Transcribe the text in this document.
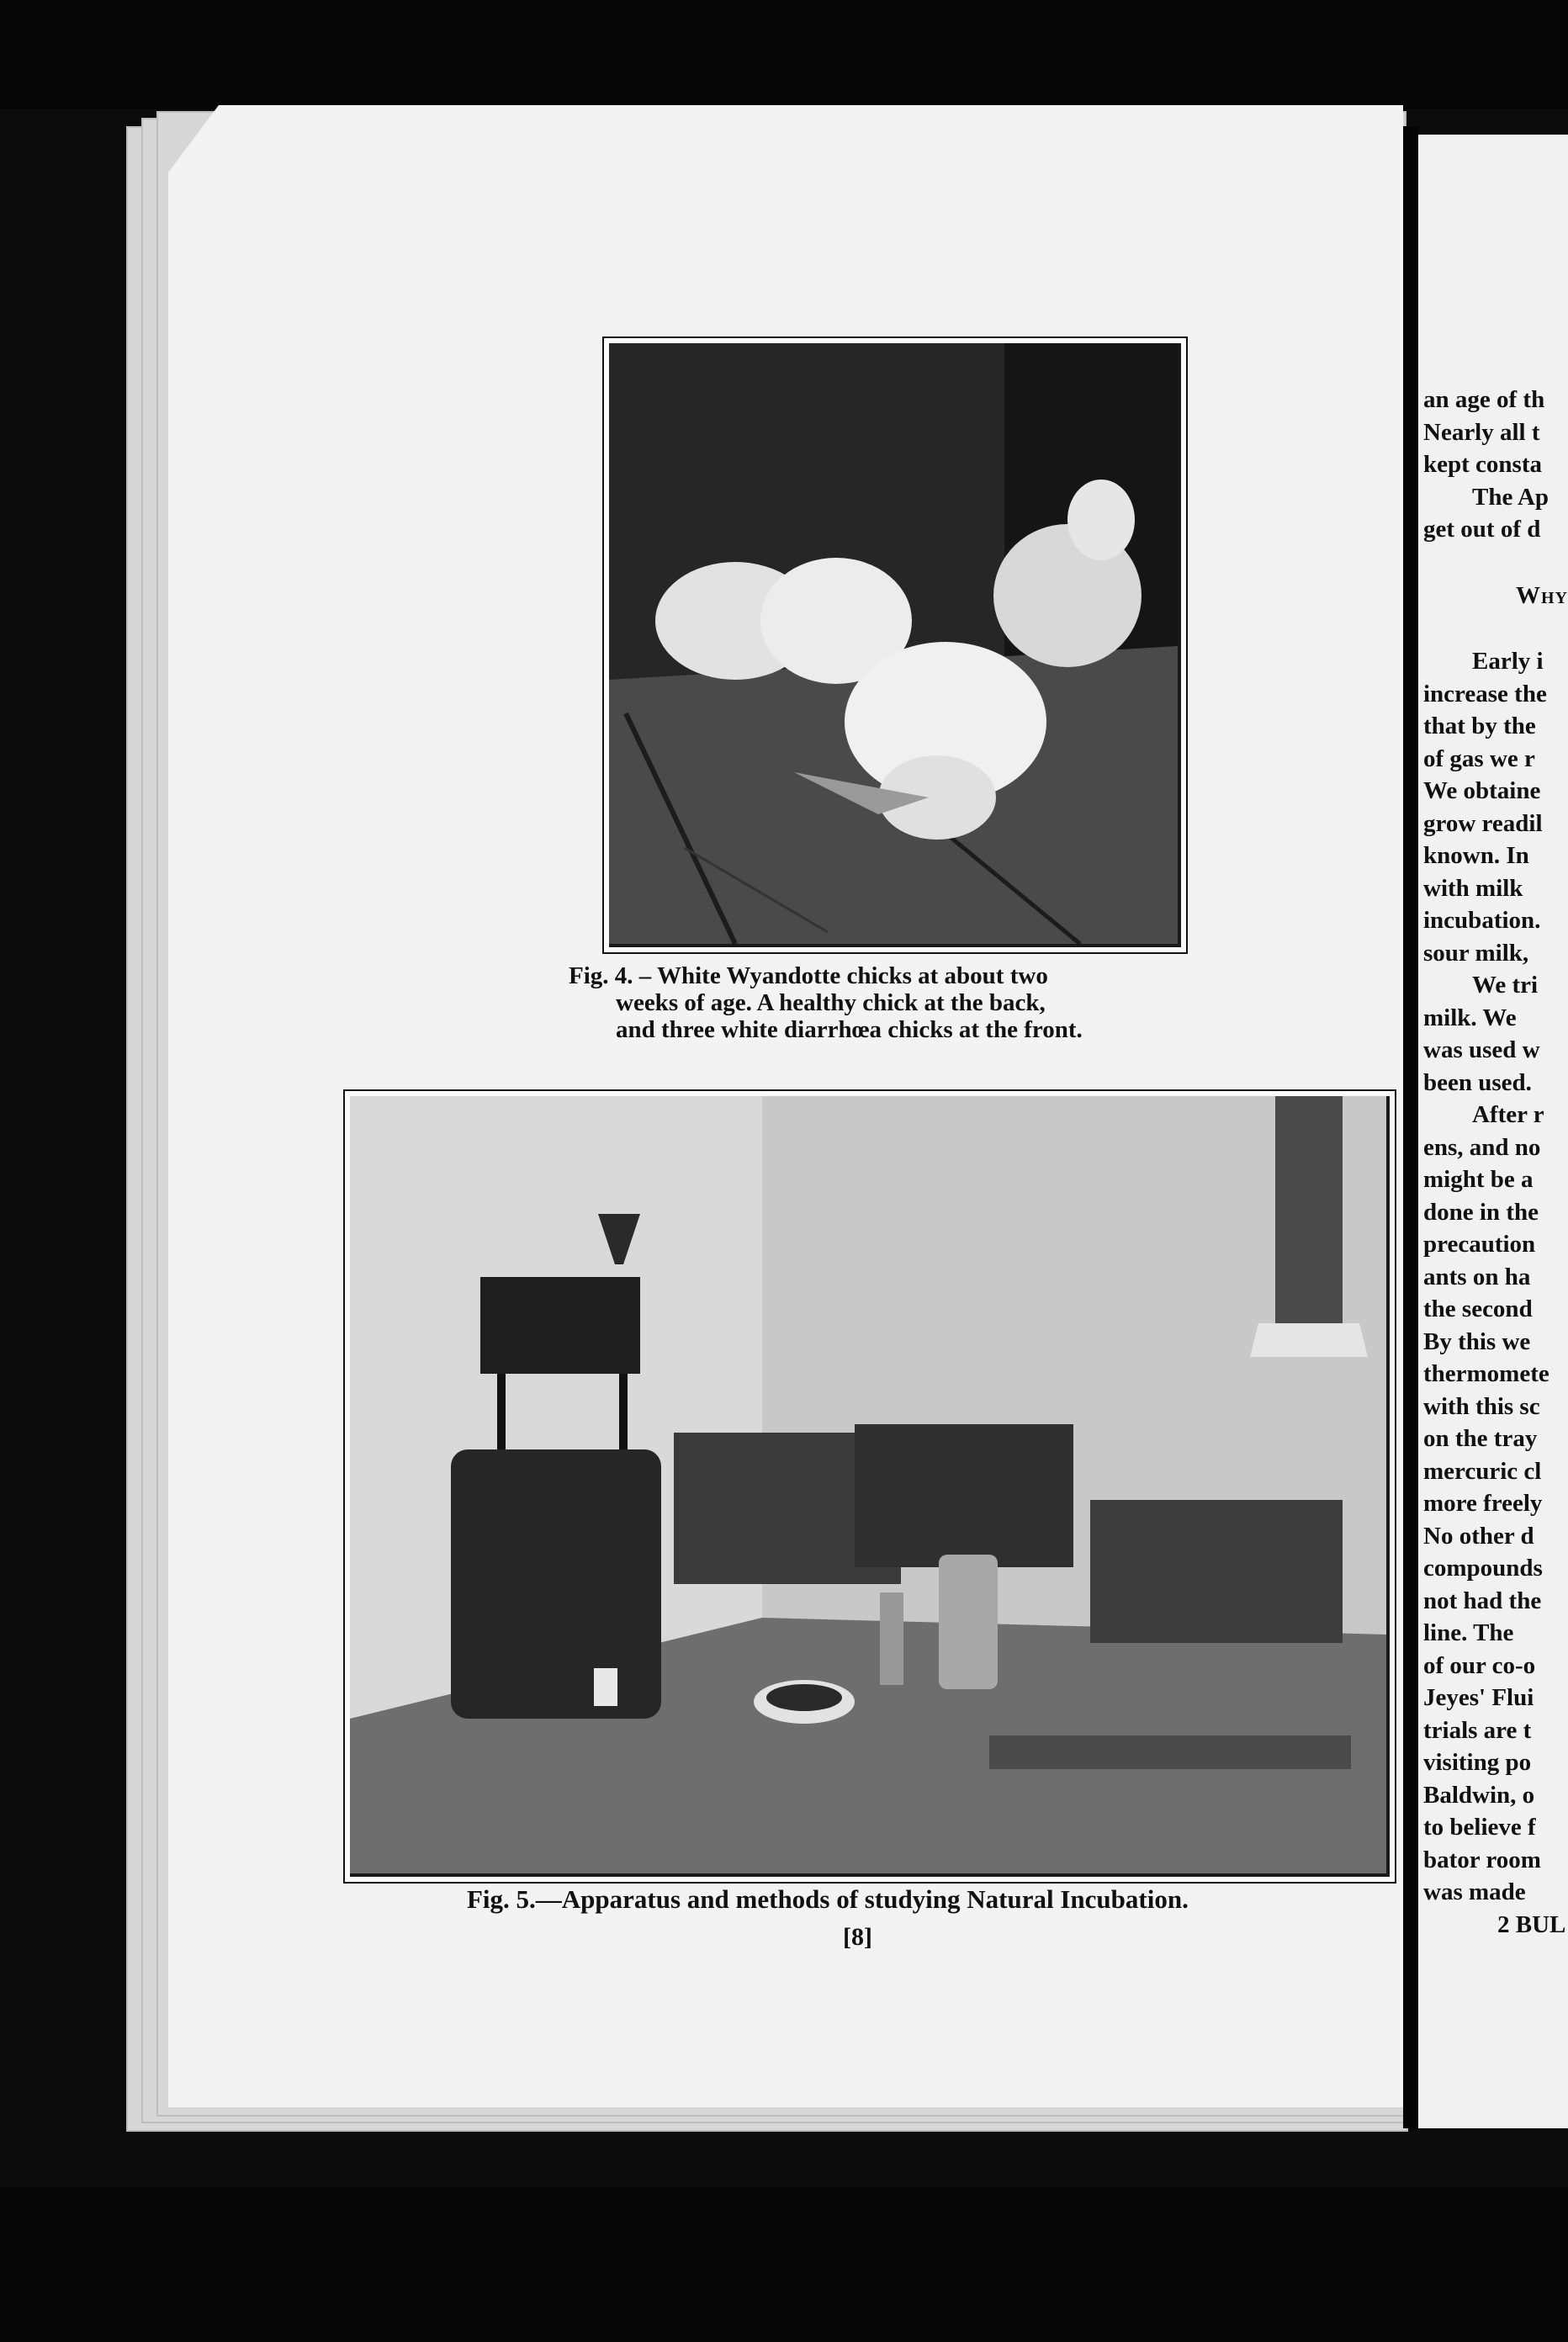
Fig. 4. – White Wyandotte chicks at about two
weeks of age. A healthy chick at the back,
and three white diarrhœa chicks at the front.
Fig. 5.—Apparatus and methods of studying Natural Incubation.
[8]
an age of th
Nearly all t
kept consta
The Ap
get out of d
Why
Early i
increase the
that by the
of gas we r
We obtaine
grow readil
known. In
with milk
incubation.
sour milk,
We tri
milk. We
was used w
been used.
After r
ens, and no
might be a
done in the
precaution
ants on ha
the second
By this we
thermomete
with this sc
on the tray
mercuric cl
more freely
No other d
compounds
not had the
line. The
of our co-o
Jeyes' Flui
trials are t
visiting po
Baldwin, o
to believe f
bator room
was made
2 BUL
